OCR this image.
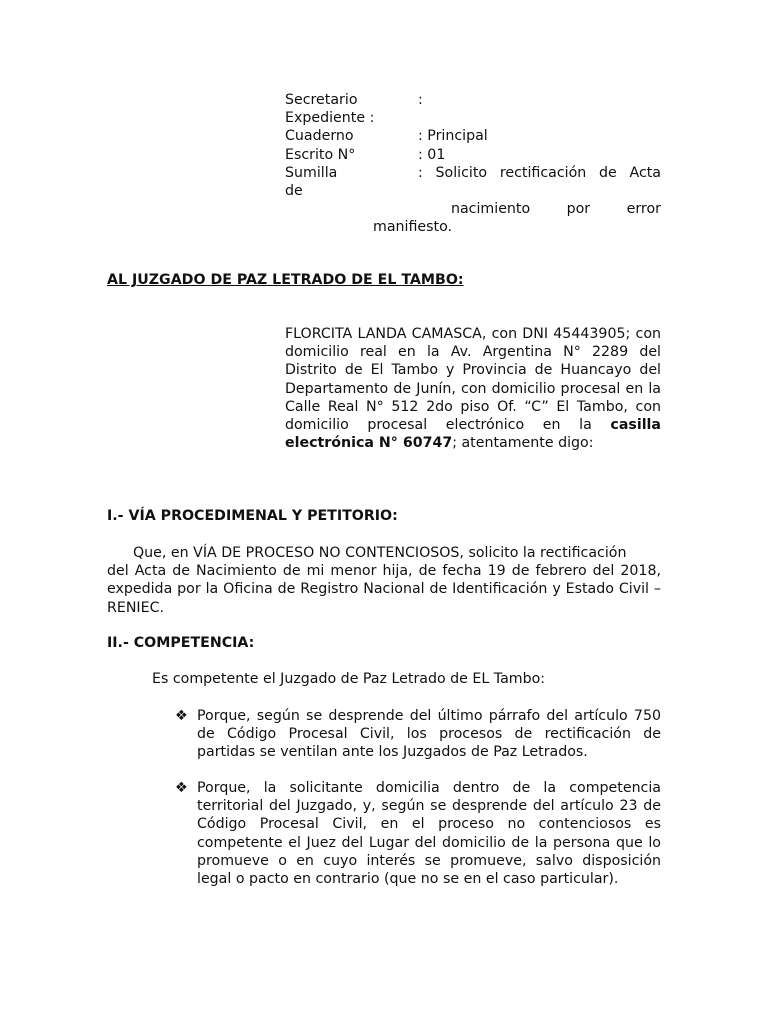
Secretario	:
Expediente :
Cuaderno	: Principal
Escrito N°	: 01
Sumilla	: Solicito rectificación de Acta
de
nacimiento	por	error
manifiesto.
AL JUZGADO DE PAZ LETRADO DE EL TAMBO:
FLORCITA LANDA CAMASCA, con DNI 45443905; con domicilio real en la Av. Argentina N° 2289 del Distrito de El Tambo y Provincia de Huancayo del Departamento de Junín, con domicilio procesal en la Calle Real N° 512 2do piso Of. “C” El Tambo, con domicilio procesal electrónico en la casilla electrónica N° 60747; atentamente digo:
I.- VÍA PROCEDIMENAL Y PETITORIO:
Que, en VÍA DE PROCESO NO CONTENCIOSOS, solicito la rectificación
del Acta de Nacimiento de mi menor hija, de fecha 19 de febrero del 2018, expedida por la Oficina de Registro Nacional de Identificación y Estado Civil – RENIEC.
II.- COMPETENCIA:
Es competente el Juzgado de Paz Letrado de EL Tambo:
❖ Porque, según se desprende del último párrafo del artículo 750 de Código Procesal Civil, los procesos de rectificación de partidas se ventilan ante los Juzgados de Paz Letrados.
❖ Porque, la solicitante domicilia dentro de la competencia territorial del Juzgado, y, según se desprende del artículo 23 de Código Procesal Civil, en el proceso no contenciosos es competente el Juez del Lugar del domicilio de la persona que lo promueve o en cuyo interés se promueve, salvo disposición legal o pacto en contrario (que no se en el caso particular).
